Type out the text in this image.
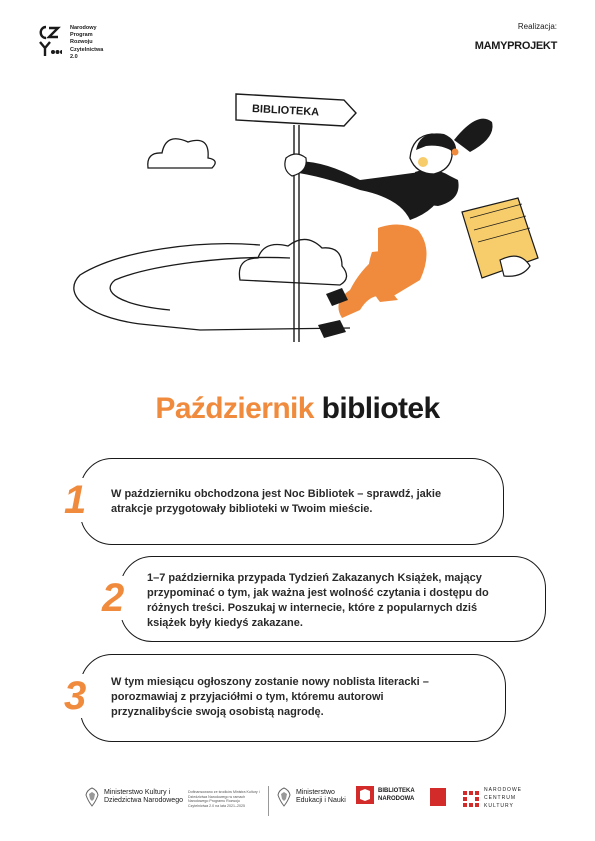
Narodowy
Program
Rozwoju
Czytelnictwa
2.0
Realizacja:
MAMYPROJEKT
BIBLIOTEKA
Październik bibliotek

W październiku obchodzona jest Noc Bibliotek – sprawdź, jakie atrakcje przygotowały biblioteki w Twoim mieście.

1

1–7 października przypada Tydzień Zakazanych Książek, mający przypominać o tym, jak ważna jest wolność czytania i dostępu do różnych treści. Poszukaj w internecie, które z popularnych dziś książek były kiedyś zakazane.

2

W tym miesiącu ogłoszony zostanie nowy noblista literacki – porozmawiaj z przyjaciółmi o tym, któremu autorowi przyznalibyście swoją osobistą nagrodę.

3
Ministerstwo Kultury i Dziedzictwa Narodowego
Dofinansowano ze środków Ministra Kultury i Dziedzictwa Narodowego w ramach Narodowego Programu Rozwoju Czytelnictwa 2.0 na lata 2021–2025
Ministerstwo Edukacji i Nauki
BIBLIOTEKA NARODOWA
NARODOWE CENTRUM KULTURY
